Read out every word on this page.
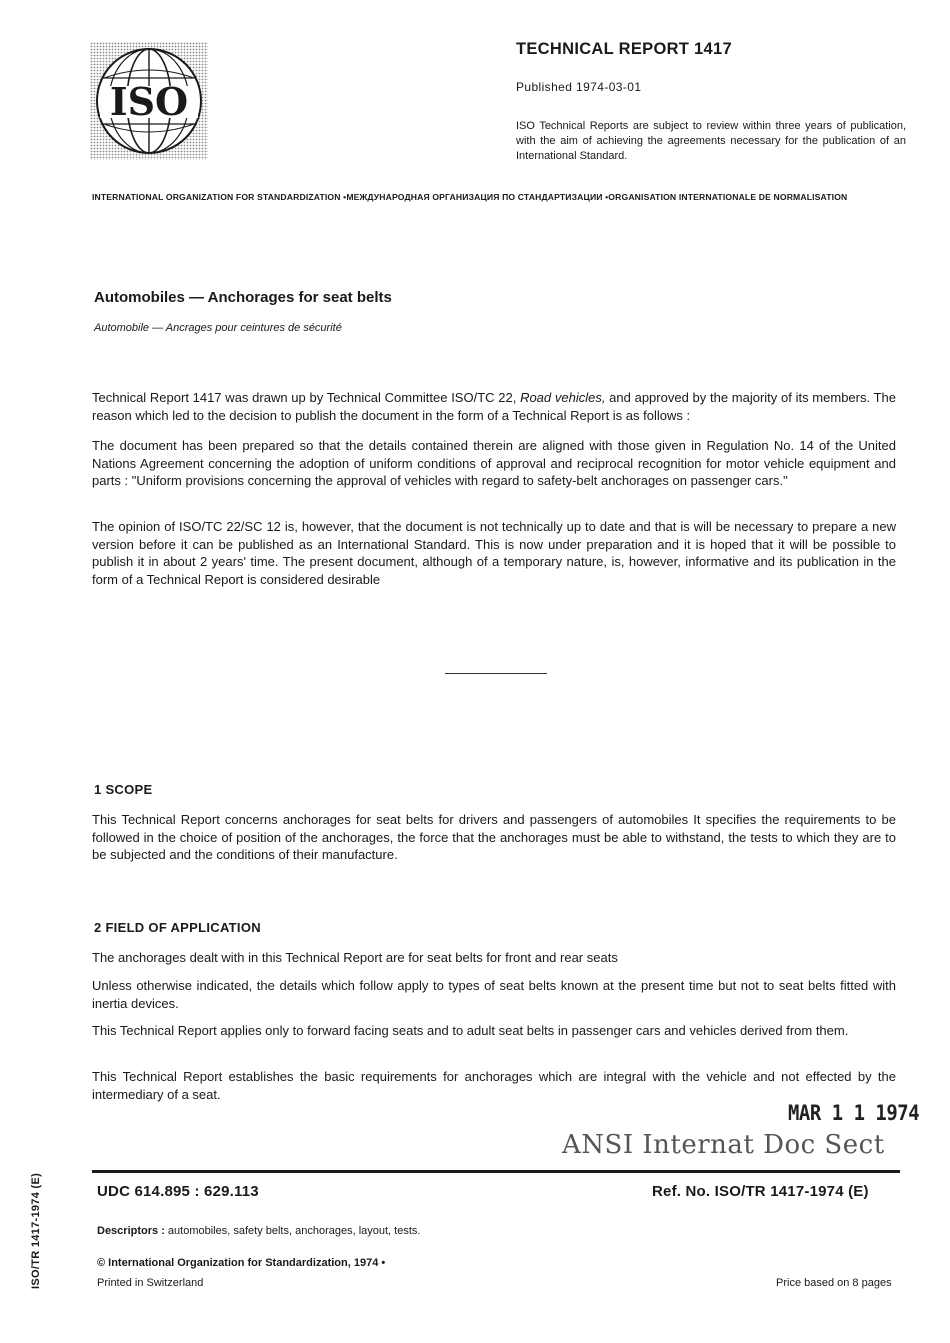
ISO
TECHNICAL REPORT 1417
Published 1974-03-01
ISO Technical Reports are subject to review within three years of publication, with the aim of achieving the agreements necessary for the publication of an International Standard.
INTERNATIONAL ORGANIZATION FOR STANDARDIZATION •МЕЖДУНАРОДНАЯ ОРГАНИЗАЦИЯ ПО СТАНДАРТИЗАЦИИ •ORGANISATION INTERNATIONALE DE NORMALISATION
Automobiles — Anchorages for seat belts
Automobile — Ancrages pour ceintures de sécurité
Technical Report 1417 was drawn up by Technical Committee ISO/TC 22, Road vehicles, and approved by the majority of its members. The reason which led to the decision to publish the document in the form of a Technical Report is as follows :
The document has been prepared so that the details contained therein are aligned with those given in Regulation No. 14 of the United Nations Agreement concerning the adoption of uniform conditions of approval and reciprocal recognition for motor vehicle equipment and parts : "Uniform provisions concerning the approval of vehicles with regard to safety-belt anchorages on passenger cars."
The opinion of ISO/TC 22/SC 12 is, however, that the document is not technically up to date and that is will be necessary to prepare a new version before it can be published as an International Standard. This is now under preparation and it is hoped that it will be possible to publish it in about 2 years' time. The present document, although of a temporary nature, is, however, informative and its publication in the form of a Technical Report is considered desirable
1 SCOPE
This Technical Report concerns anchorages for seat belts for drivers and passengers of automobiles It specifies the requirements to be followed in the choice of position of the anchorages, the force that the anchorages must be able to withstand, the tests to which they are to be subjected and the conditions of their manufacture.
2 FIELD OF APPLICATION
The anchorages dealt with in this Technical Report are for seat belts for front and rear seats
Unless otherwise indicated, the details which follow apply to types of seat belts known at the present time but not to seat belts fitted with inertia devices.
This Technical Report applies only to forward facing seats and to adult seat belts in passenger cars and vehicles derived from them.
This Technical Report establishes the basic requirements for anchorages which are integral with the vehicle and not effected by the intermediary of a seat.
MAR 1 1 1974
ANSI Internat Doc Sect
UDC 614.895 : 629.113	Ref. No. ISO/TR 1417-1974 (E)
Descriptors : automobiles, safety belts, anchorages, layout, tests.
© International Organization for Standardization, 1974 •
Printed in Switzerland	Price based on 8 pages
ISO/TR 1417-1974 (E)
